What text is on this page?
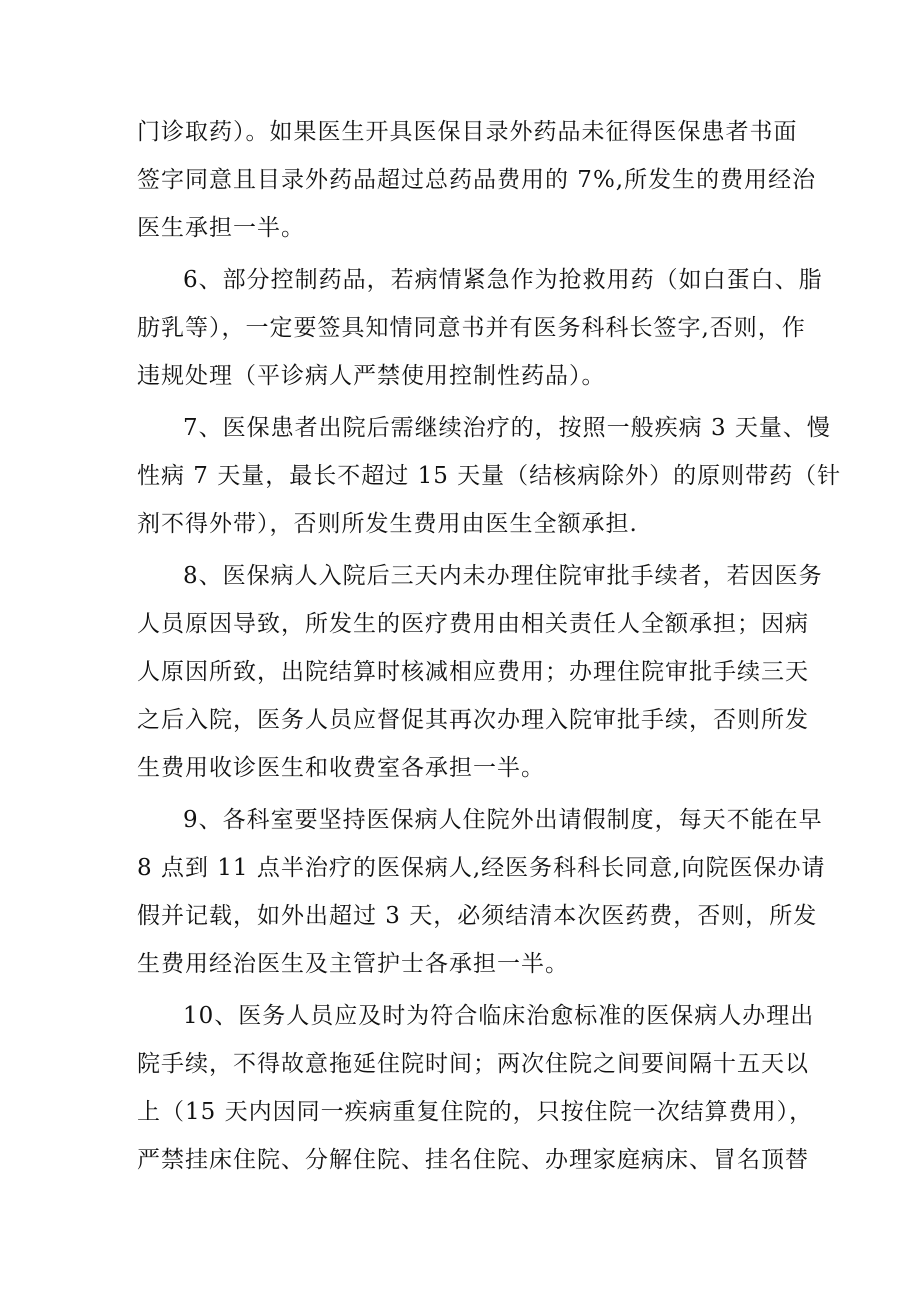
门诊取药）。如果医生开具医保目录外药品未征得医保患者书面
签字同意且目录外药品超过总药品费用的 7%,所发生的费用经治
医生承担一半。
6、部分控制药品，若病情紧急作为抢救用药（如白蛋白、脂
肪乳等），一定要签具知情同意书并有医务科科长签字,否则，作
违规处理（平诊病人严禁使用控制性药品）。
7、医保患者出院后需继续治疗的，按照一般疾病 3 天量、慢
性病 7 天量，最长不超过 15 天量（结核病除外）的原则带药（针
剂不得外带），否则所发生费用由医生全额承担.
8、医保病人入院后三天内未办理住院审批手续者，若因医务
人员原因导致，所发生的医疗费用由相关责任人全额承担；因病
人原因所致，出院结算时核减相应费用；办理住院审批手续三天
之后入院，医务人员应督促其再次办理入院审批手续，否则所发
生费用收诊医生和收费室各承担一半。
9、各科室要坚持医保病人住院外出请假制度，每天不能在早
8 点到 11 点半治疗的医保病人,经医务科科长同意,向院医保办请
假并记载，如外出超过 3 天，必须结清本次医药费，否则，所发
生费用经治医生及主管护士各承担一半。
10、医务人员应及时为符合临床治愈标准的医保病人办理出
院手续，不得故意拖延住院时间；两次住院之间要间隔十五天以
上（15 天内因同一疾病重复住院的，只按住院一次结算费用），
严禁挂床住院、分解住院、挂名住院、办理家庭病床、冒名顶替
